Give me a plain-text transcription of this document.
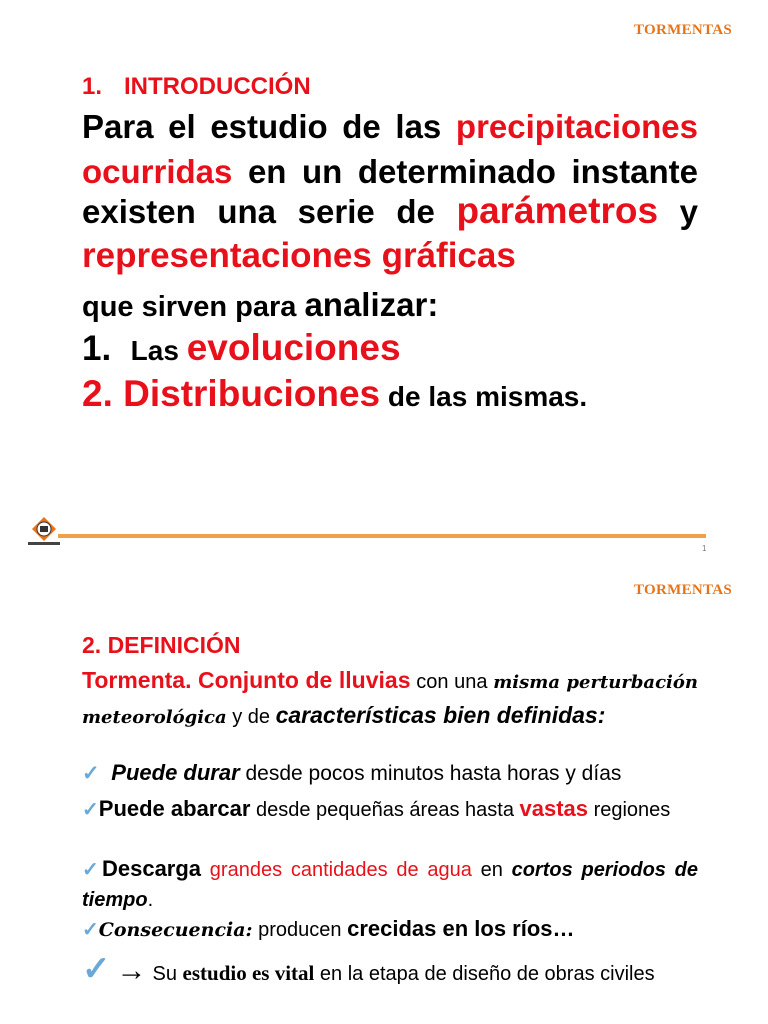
TORMENTAS
1. INTRODUCCIÓN
Para el estudio de las precipitaciones ocurridas en un determinado instante
existen una serie de parámetros y
representaciones gráficas
que sirven para analizar:
1. Las evoluciones
2. Distribuciones de las mismas.
1
TORMENTAS
2. DEFINICIÓN
Tormenta. Conjunto de lluvias con una misma perturbación meteorológica y de características bien definidas:
✓ Puede durar desde pocos minutos hasta horas y días
✓Puede abarcar desde pequeñas áreas hasta vastas regiones
✓Descarga grandes cantidades de agua en cortos periodos de tiempo.
✓Consecuencia: producen crecidas en los ríos…
✓ → Su estudio es vital en la etapa de diseño de obras civiles
